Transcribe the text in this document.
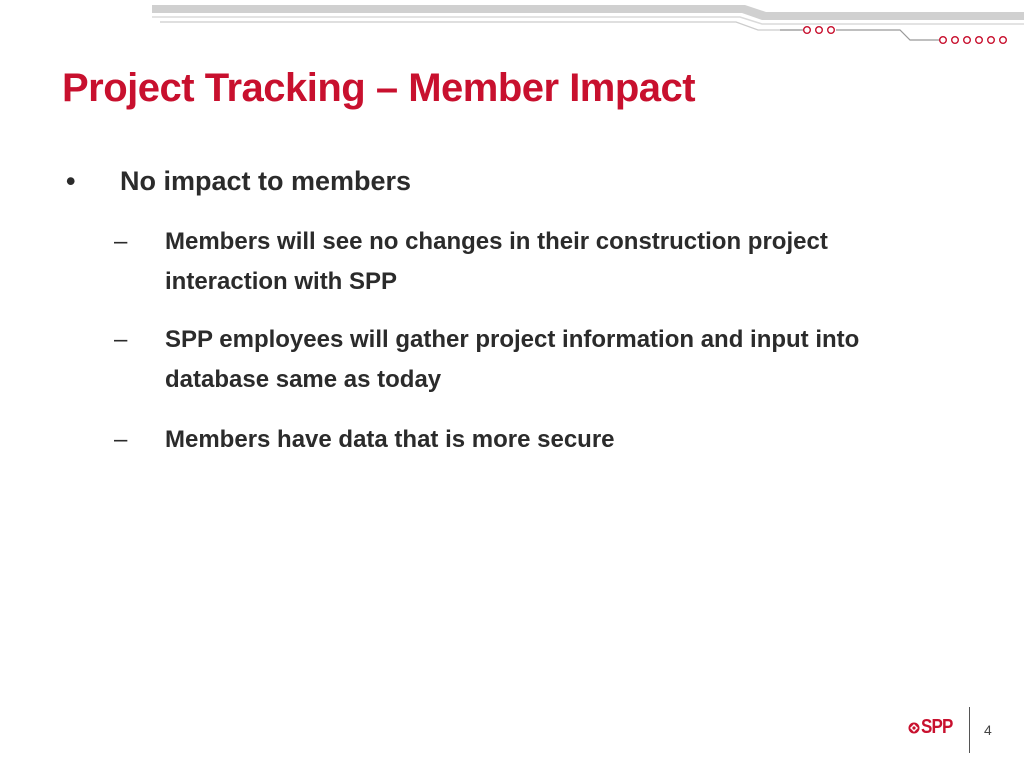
Project Tracking – Member Impact
• No impact to members
– Members will see no changes in their construction project interaction with SPP
– SPP employees will gather project information and input into database same as today
– Members have data that is more secure
SPP 4
